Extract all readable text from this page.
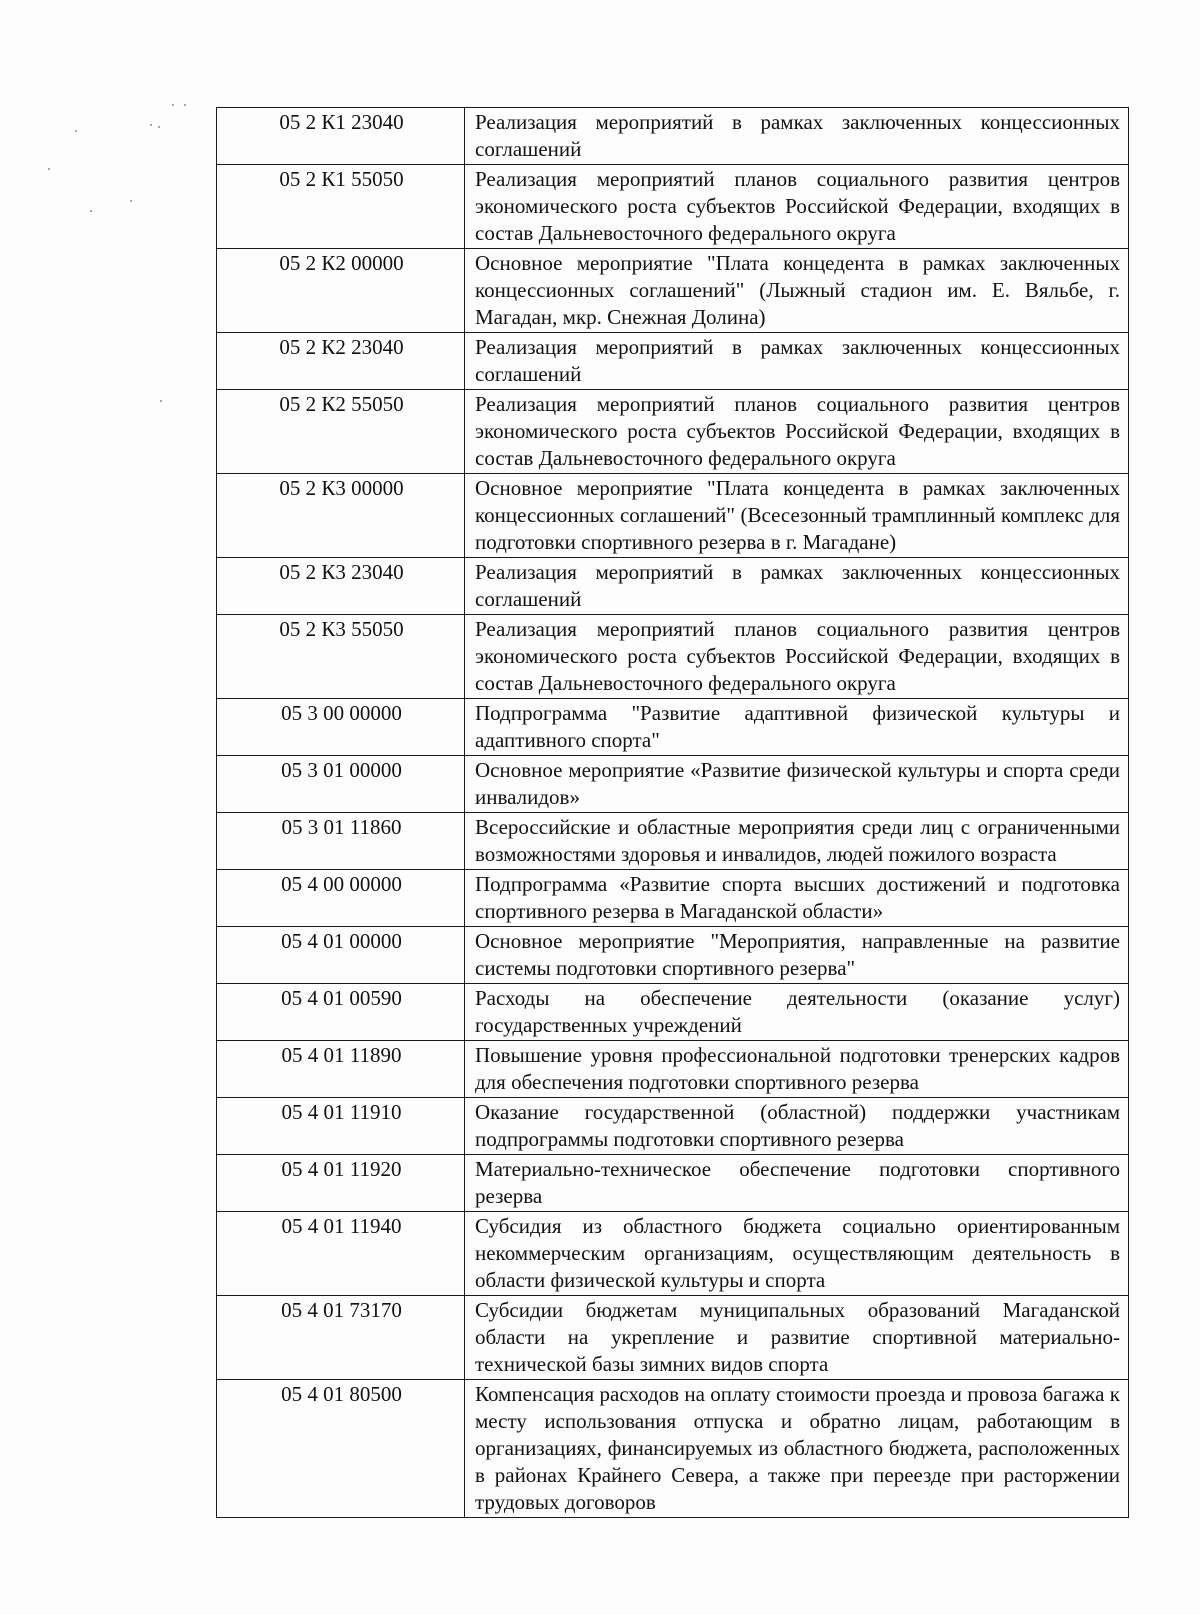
05 2 К1 23040	Реализация мероприятий в рамках заключенных концессионных соглашений
05 2 К1 55050	Реализация мероприятий планов социального развития центров экономического роста субъектов Российской Федерации, входящих в состав Дальневосточного федерального округа
05 2 К2 00000	Основное мероприятие "Плата концедента в рамках заключенных концессионных соглашений" (Лыжный стадион им. Е. Вяльбе, г. Магадан, мкр. Снежная Долина)
05 2 К2 23040	Реализация мероприятий в рамках заключенных концессионных соглашений
05 2 К2 55050	Реализация мероприятий планов социального развития центров экономического роста субъектов Российской Федерации, входящих в состав Дальневосточного федерального округа
05 2 К3 00000	Основное мероприятие "Плата концедента в рамках заключенных концессионных соглашений" (Всесезонный трамплинный комплекс для подготовки спортивного резерва в г. Магадане)
05 2 К3 23040	Реализация мероприятий в рамках заключенных концессионных соглашений
05 2 К3 55050	Реализация мероприятий планов социального развития центров экономического роста субъектов Российской Федерации, входящих в состав Дальневосточного федерального округа
05 3 00 00000	Подпрограмма "Развитие адаптивной физической культуры и адаптивного спорта"
05 3 01 00000	Основное мероприятие «Развитие физической культуры и спорта среди инвалидов»
05 3 01 11860	Всероссийские и областные мероприятия среди лиц с ограниченными возможностями здоровья и инвалидов, людей пожилого возраста
05 4 00 00000	Подпрограмма «Развитие спорта высших достижений и подготовка спортивного резерва в Магаданской области»
05 4 01 00000	Основное мероприятие "Мероприятия, направленные на развитие системы подготовки спортивного резерва"
05 4 01 00590	Расходы на обеспечение деятельности (оказание услуг) государственных учреждений
05 4 01 11890	Повышение уровня профессиональной подготовки тренерских кадров для обеспечения подготовки спортивного резерва
05 4 01 11910	Оказание государственной (областной) поддержки участникам подпрограммы подготовки спортивного резерва
05 4 01 11920	Материально-техническое обеспечение подготовки спортивного резерва
05 4 01 11940	Субсидия из областного бюджета социально ориентированным некоммерческим организациям, осуществляющим деятельность в области физической культуры и спорта
05 4 01 73170	Субсидии бюджетам муниципальных образований Магаданской области на укрепление и развитие спортивной материально-технической базы зимних видов спорта
05 4 01 80500	Компенсация расходов на оплату стоимости проезда и провоза багажа к месту использования отпуска и обратно лицам, работающим в организациях, финансируемых из областного бюджета, расположенных в районах Крайнего Севера, а также при переезде при расторжении трудовых договоров
